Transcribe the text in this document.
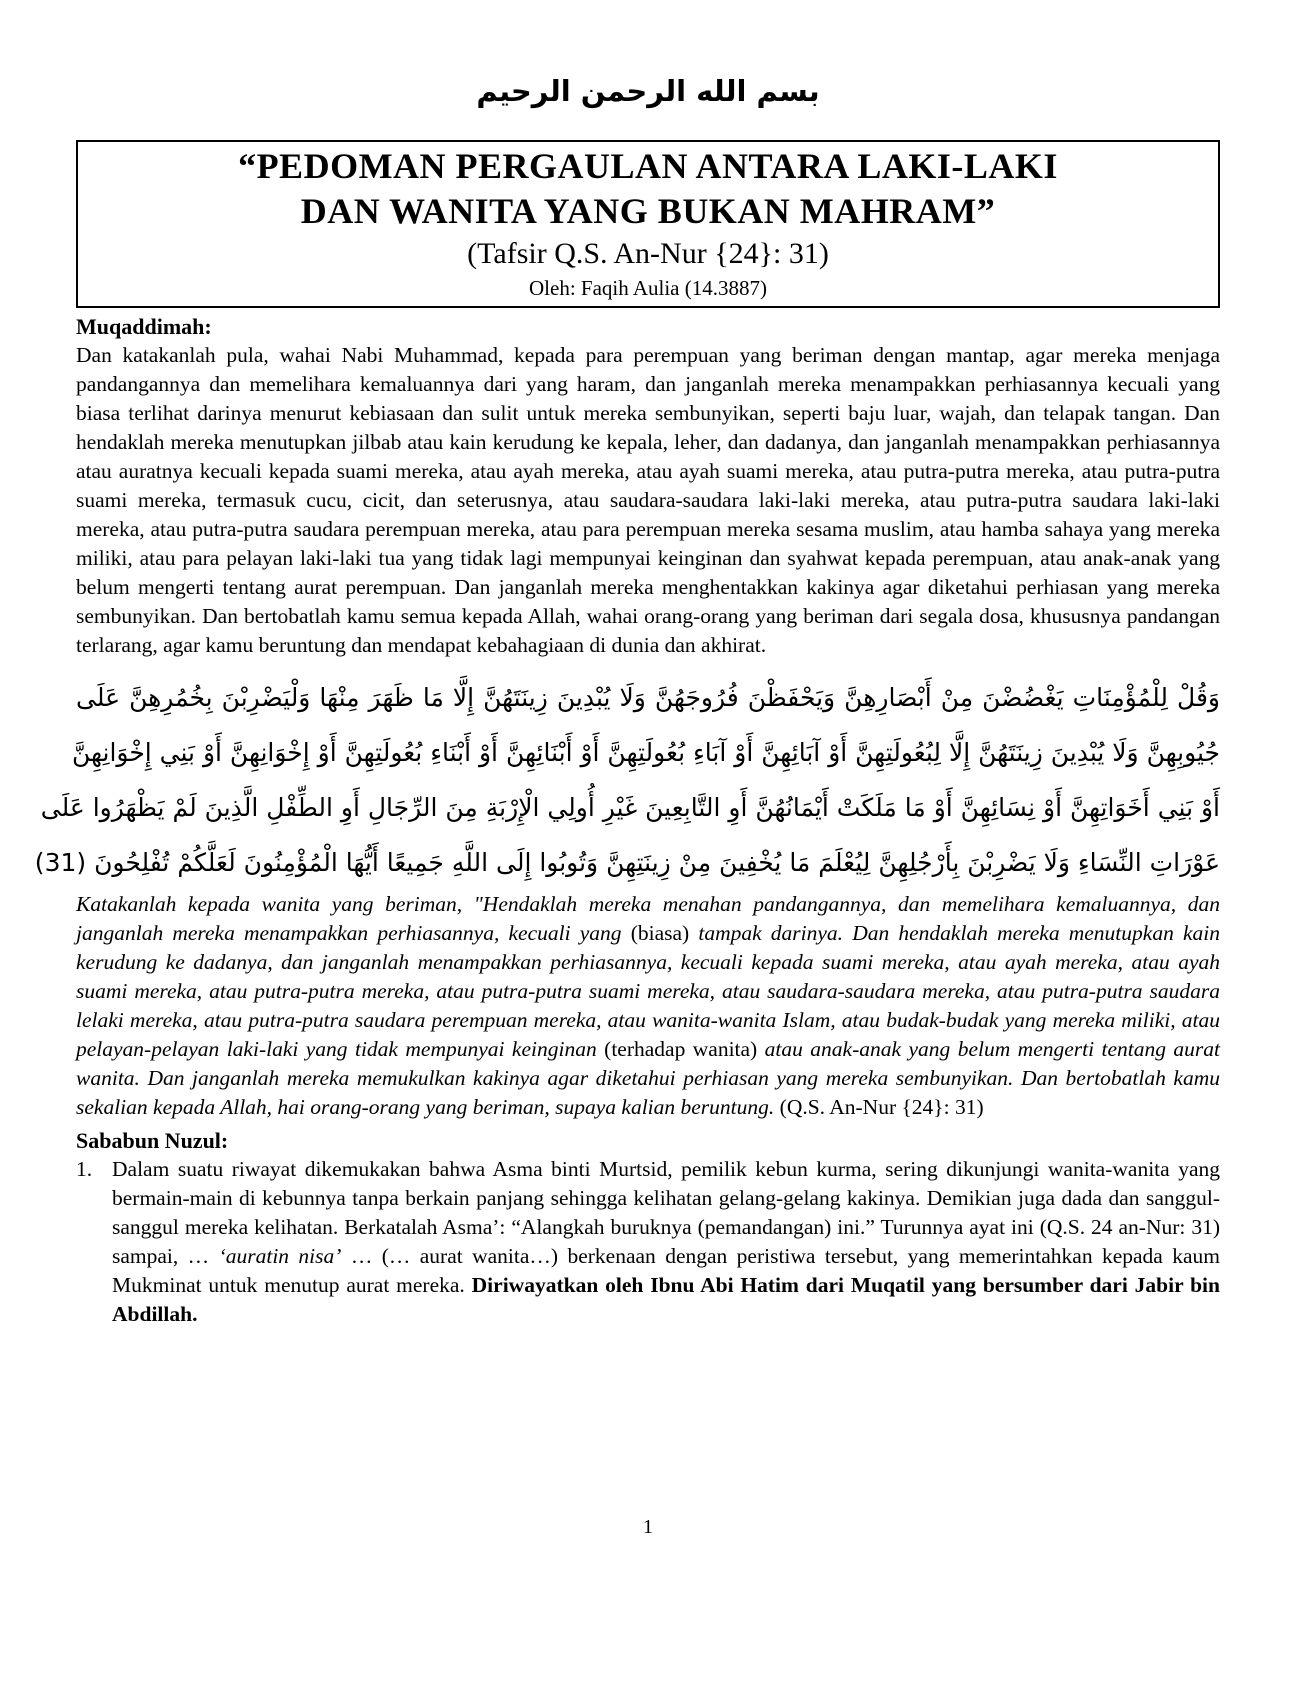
بسم الله الرحمن الرحيم
“PEDOMAN PERGAULAN ANTARA LAKI-LAKI
DAN WANITA YANG BUKAN MAHRAM”
(Tafsir Q.S. An-Nur {24}: 31)
Oleh: Faqih Aulia (14.3887)
Muqaddimah:
Dan katakanlah pula, wahai Nabi Muhammad, kepada para perempuan yang beriman dengan mantap, agar mereka menjaga pandangannya dan memelihara kemaluannya dari yang haram, dan janganlah mereka menampakkan perhiasannya kecuali yang biasa terlihat darinya menurut kebiasaan dan sulit untuk mereka sembunyikan, seperti baju luar, wajah, dan telapak tangan. Dan hendaklah mereka menutupkan jilbab atau kain kerudung ke kepala, leher, dan dadanya, dan janganlah menampakkan perhiasannya atau auratnya kecuali kepada suami mereka, atau ayah mereka, atau ayah suami mereka, atau putra-putra mereka, atau putra-putra suami mereka, termasuk cucu, cicit, dan seterusnya, atau saudara-saudara laki-laki mereka, atau putra-putra saudara laki-laki mereka, atau putra-putra saudara perempuan mereka, atau para perempuan mereka sesama muslim, atau hamba sahaya yang mereka miliki, atau para pelayan laki-laki tua yang tidak lagi mempunyai keinginan dan syahwat kepada perempuan, atau anak-anak yang belum mengerti tentang aurat perempuan. Dan janganlah mereka menghentakkan kakinya agar diketahui perhiasan yang mereka sembunyikan. Dan bertobatlah kamu semua kepada Allah, wahai orang-orang yang beriman dari segala dosa, khususnya pandangan terlarang, agar kamu beruntung dan mendapat kebahagiaan di dunia dan akhirat.
وَقُلْ لِلْمُؤْمِنَاتِ يَغْضُضْنَ مِنْ أَبْصَارِهِنَّ وَيَحْفَظْنَ فُرُوجَهُنَّ وَلَا يُبْدِينَ زِينَتَهُنَّ إِلَّا مَا ظَهَرَ مِنْهَا وَلْيَضْرِبْنَ بِخُمُرِهِنَّ عَلَى
جُيُوبِهِنَّ وَلَا يُبْدِينَ زِينَتَهُنَّ إِلَّا لِبُعُولَتِهِنَّ أَوْ آبَائِهِنَّ أَوْ آبَاءِ بُعُولَتِهِنَّ أَوْ أَبْنَائِهِنَّ أَوْ أَبْنَاءِ بُعُولَتِهِنَّ أَوْ إِخْوَانِهِنَّ أَوْ بَنِي إِخْوَانِهِنَّ
أَوْ بَنِي أَخَوَاتِهِنَّ أَوْ نِسَائِهِنَّ أَوْ مَا مَلَكَتْ أَيْمَانُهُنَّ أَوِ التَّابِعِينَ غَيْرِ أُولِي الْإِرْبَةِ مِنَ الرِّجَالِ أَوِ الطِّفْلِ الَّذِينَ لَمْ يَظْهَرُوا عَلَى
عَوْرَاتِ النِّسَاءِ وَلَا يَضْرِبْنَ بِأَرْجُلِهِنَّ لِيُعْلَمَ مَا يُخْفِينَ مِنْ زِينَتِهِنَّ وَتُوبُوا إِلَى اللَّهِ جَمِيعًا أَيُّهَا الْمُؤْمِنُونَ لَعَلَّكُمْ تُفْلِحُونَ (31)
Katakanlah kepada wanita yang beriman, "Hendaklah mereka menahan pandangannya, dan memelihara kemaluannya, dan janganlah mereka menampakkan perhiasannya, kecuali yang (biasa) tampak darinya. Dan hendaklah mereka menutupkan kain kerudung ke dadanya, dan janganlah menampakkan perhiasannya, kecuali kepada suami mereka, atau ayah mereka, atau ayah suami mereka, atau putra-putra mereka, atau putra-putra suami mereka, atau saudara-saudara mereka, atau putra-putra saudara lelaki mereka, atau putra-putra saudara perempuan mereka, atau wanita-wanita Islam, atau budak-budak yang mereka miliki, atau pelayan-pelayan laki-laki yang tidak mempunyai keinginan (terhadap wanita) atau anak-anak yang belum mengerti tentang aurat wanita. Dan janganlah mereka memukulkan kakinya agar diketahui perhiasan yang mereka sembunyikan. Dan bertobatlah kamu sekalian kepada Allah, hai orang-orang yang beriman, supaya kalian beruntung. (Q.S. An-Nur {24}: 31)
Sababun Nuzul:
1. Dalam suatu riwayat dikemukakan bahwa Asma binti Murtsid, pemilik kebun kurma, sering dikunjungi wanita-wanita yang bermain-main di kebunnya tanpa berkain panjang sehingga kelihatan gelang-gelang kakinya. Demikian juga dada dan sanggul-sanggul mereka kelihatan. Berkatalah Asma’: “Alangkah buruknya (pemandangan) ini.” Turunnya ayat ini (Q.S. 24 an-Nur: 31) sampai, … ‘auratin nisa’ … (… aurat wanita…) berkenaan dengan peristiwa tersebut, yang memerintahkan kepada kaum Mukminat untuk menutup aurat mereka. Diriwayatkan oleh Ibnu Abi Hatim dari Muqatil yang bersumber dari Jabir bin Abdillah.
1
